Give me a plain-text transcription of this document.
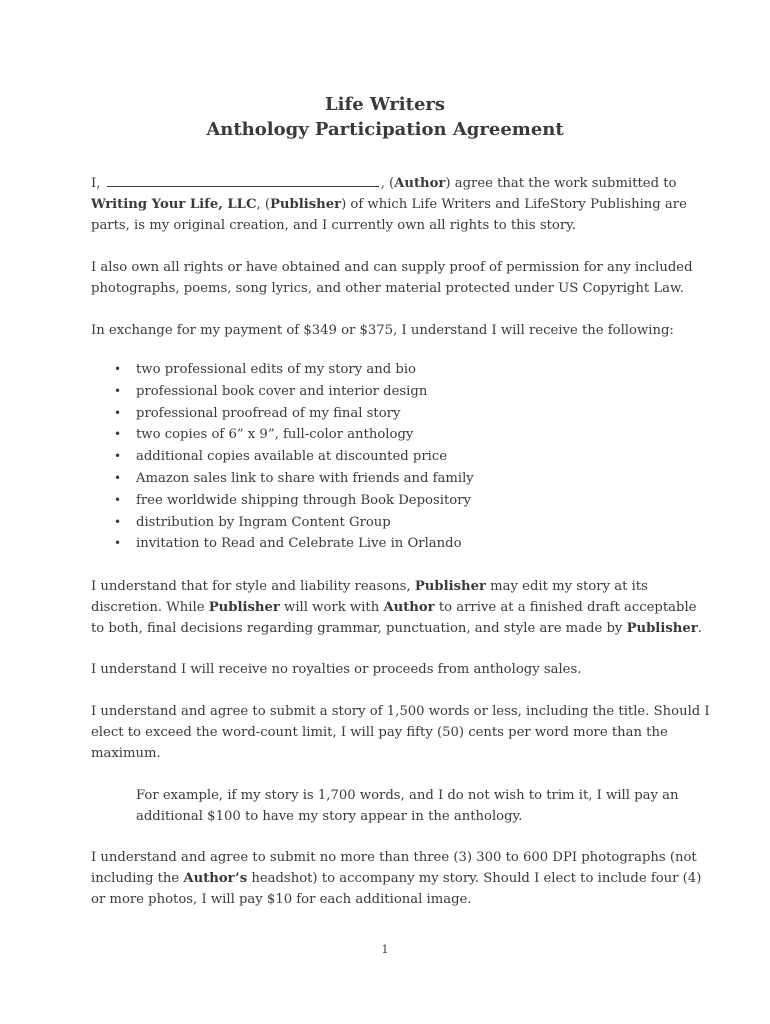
Life Writers
Anthology Participation Agreement
I,	, (Author) agree that the work submitted to
Writing Your Life, LLC, (Publisher) of which Life Writers and LifeStory Publishing are
parts, is my original creation, and I currently own all rights to this story.
I also own all rights or have obtained and can supply proof of permission for any included
photographs, poems, song lyrics, and other material protected under US Copyright Law.
In exchange for my payment of $349 or $375, I understand I will receive the following:
• two professional edits of my story and bio
• professional book cover and interior design
• professional proofread of my final story
• two copies of 6” x 9”, full-color anthology
• additional copies available at discounted price
• Amazon sales link to share with friends and family
• free worldwide shipping through Book Depository
• distribution by Ingram Content Group
• invitation to Read and Celebrate Live in Orlando
I understand that for style and liability reasons, Publisher may edit my story at its
discretion. While Publisher will work with Author to arrive at a finished draft acceptable
to both, final decisions regarding grammar, punctuation, and style are made by Publisher.
I understand I will receive no royalties or proceeds from anthology sales.
I understand and agree to submit a story of 1,500 words or less, including the title. Should I
elect to exceed the word-count limit, I will pay fifty (50) cents per word more than the
maximum.
For example, if my story is 1,700 words, and I do not wish to trim it, I will pay an
additional $100 to have my story appear in the anthology.
I understand and agree to submit no more than three (3) 300 to 600 DPI photographs (not
including the Author’s headshot) to accompany my story. Should I elect to include four (4)
or more photos, I will pay $10 for each additional image.
1
